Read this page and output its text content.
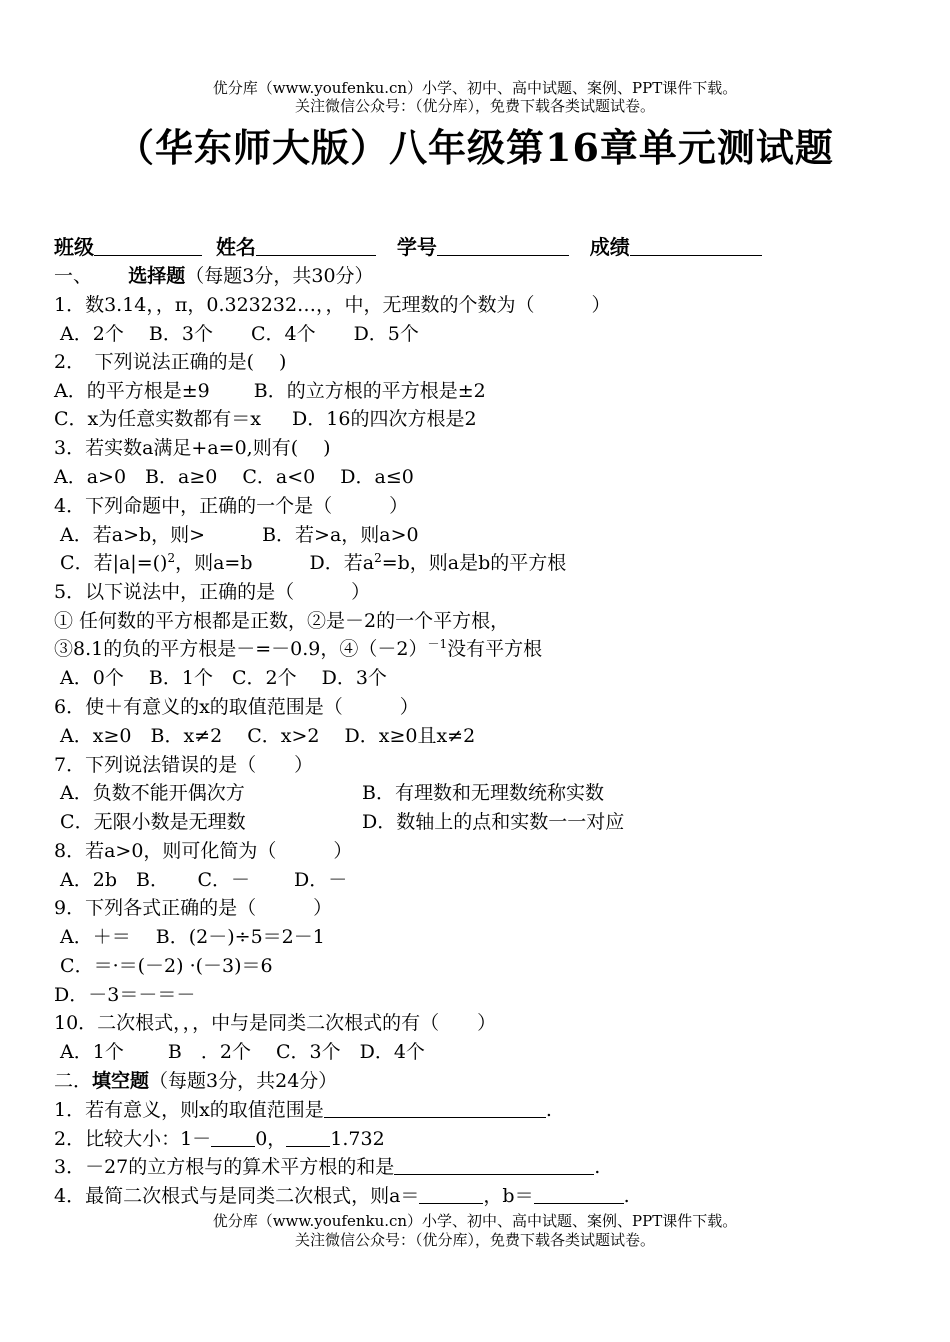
优分库（www.youfenku.cn）小学、初中、高中试题、案例、PPT课件下载。
关注微信公众号：（优分库），免费下载各类试题试卷。
（华东师大版）八年级第16章单元测试题
班级	姓名	学号	成绩
一、 选择题（每题3分，共30分）
1．数3.14，，π，0.323232…，，中，无理数的个数为（　　　）
A．2个　 B．3个　　C．4个　　D．5个
2．　下列说法正确的是(　 )
A．的平方根是±9　　 B．的立方根的平方根是±2
C．x为任意实数都有＝x　  D．16的四次方根是2
3．若实数a满足+a=0,则有(　 )
A．a>0　B．a≥0　 C．a<0　 D．a≤0
4．下列命题中，正确的一个是（　　　）
A．若a>b，则>　　　B．若>a，则a>0
C．若|a|=()$^2$，则a=b　　　D．若$a^2=b$，则a是b的平方根
5．以下说法中，正确的是（　　　）
① 任何数的平方根都是正数，②是－2的一个平方根，
③8.1的负的平方根是－=－0.9，$④(-2)^{-1}$没有平方根
A．0个　 B．1个　C．2个　 D．3个
6．使＋有意义的x的取值范围是（　　　）
A．x≥0　B．x≠2　 C．x>2　 D．x≥0且x≠2
7．下列说法错误的是（　　）
A．负数不能开偶次方	B．有理数和无理数统称实数
C．无限小数是无理数	D．数轴上的点和实数一一对应
8．若a>0，则可化简为（　　　）
A．2b　B．　　C．－　　 D．－
9．下列各式正确的是（　　　）
A．＋＝　 B．(2－)÷5＝2－1
C．＝·＝(－2) ·(－3)＝6
D．－3＝－＝－
10．二次根式，，，中与是同类二次根式的有（　　）
A．1个　　 B　．2个　 C．3个　D．4个
二．填空题（每题3分，共24分）
1．若有意义，则x的取值范围是	.
2．比较大小：1－ 0， 1.732
3．－27的立方根与的算术平方根的和是	.
4．最简二次根式与是同类二次根式，则a＝	，b＝	.
优分库（www.youfenku.cn）小学、初中、高中试题、案例、PPT课件下载。
关注微信公众号：（优分库），免费下载各类试题试卷。
